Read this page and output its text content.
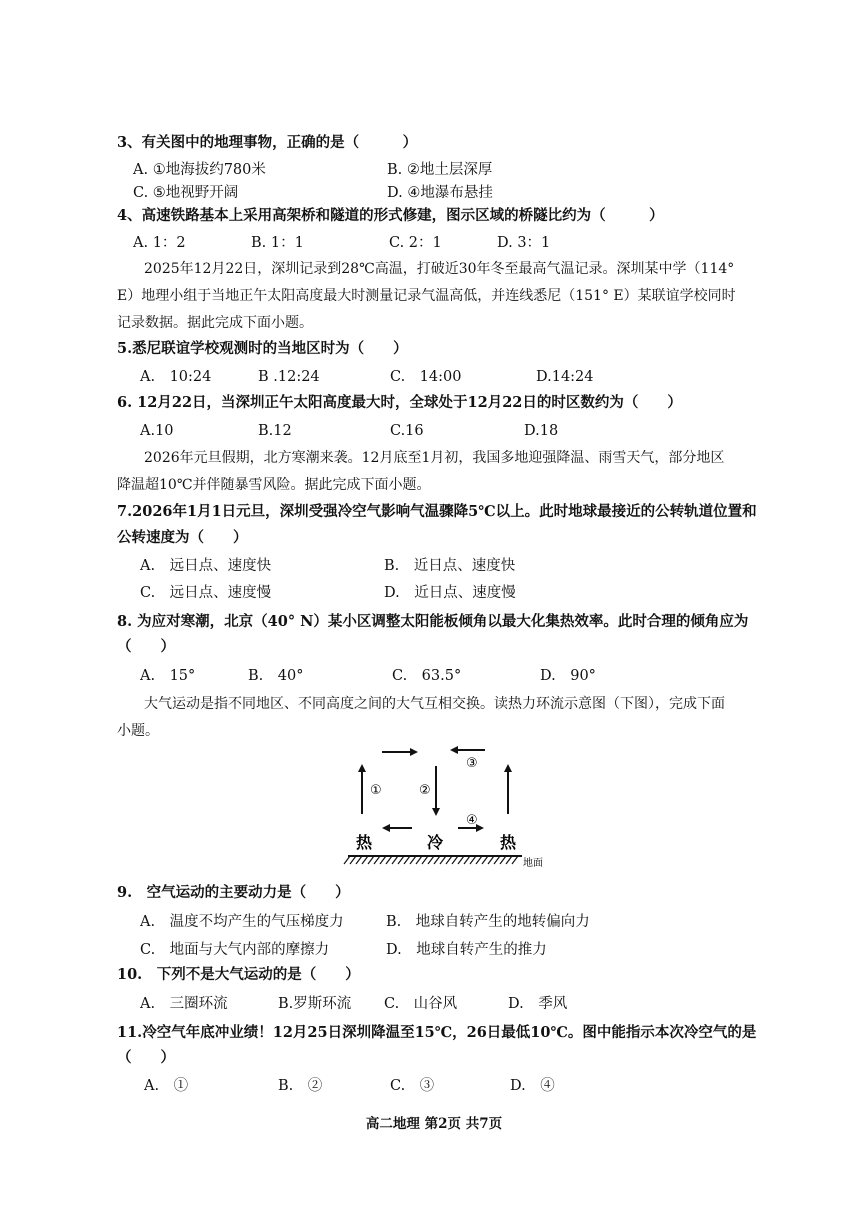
3、有关图中的地理事物，正确的是（　　　）
A. ①地海拔约780米	B. ②地土层深厚
C. ⑤地视野开阔	D. ④地瀑布悬挂
4、高速铁路基本上采用高架桥和隧道的形式修建，图示区域的桥隧比约为（　　　）
A. 1：2	B. 1：1	C. 2：1	D. 3：1
2025年12月22日，深圳记录到28℃高温，打破近30年冬至最高气温记录。深圳某中学（114°
E）地理小组于当地正午太阳高度最大时测量记录气温高低，并连线悉尼（151° E）某联谊学校同时
记录数据。据此完成下面小题。
5.悉尼联谊学校观测时的当地区时为（　　）
A.　10:24	B .12:24	C.　14:00	D.14:24
6. 12月22日，当深圳正午太阳高度最大时，全球处于12月22日的时区数约为（　　）
A.10	B.12	C.16	D.18
2026年元旦假期，北方寒潮来袭。12月底至1月初，我国多地迎强降温、雨雪天气，部分地区
降温超10℃并伴随暴雪风险。据此完成下面小题。
7.2026年1月1日元旦，深圳受强冷空气影响气温骤降5℃以上。此时地球最接近的公转轨道位置和
公转速度为（　　）
A.　远日点、速度快	B.　近日点、速度快
C.　远日点、速度慢	D.　近日点、速度慢
8. 为应对寒潮，北京（40° N）某小区调整太阳能板倾角以最大化集热效率。此时合理的倾角应为
（　　）
A.　15°	B.　40°	C.　63.5°	D.　90°
大气运动是指不同地区、不同高度之间的大气互相交换。读热力环流示意图（下图），完成下面
小题。
①	②
③
④
热	冷	热
地面
9.　空气运动的主要动力是（　　）
A.　温度不均产生的气压梯度力	B.　地球自转产生的地转偏向力
C.　地面与大气内部的摩擦力	D.　地球自转产生的推力
10.　下列不是大气运动的是（　　）
A.　三圈环流	B.罗斯环流 C.　山谷风	D.　季风
11.冷空气年底冲业绩！12月25日深圳降温至15℃，26日最低10℃。图中能指示本次冷空气的是
（　　）
A.　①	B.　②	C.　③	D.　④
高二地理 第2页 共7页
